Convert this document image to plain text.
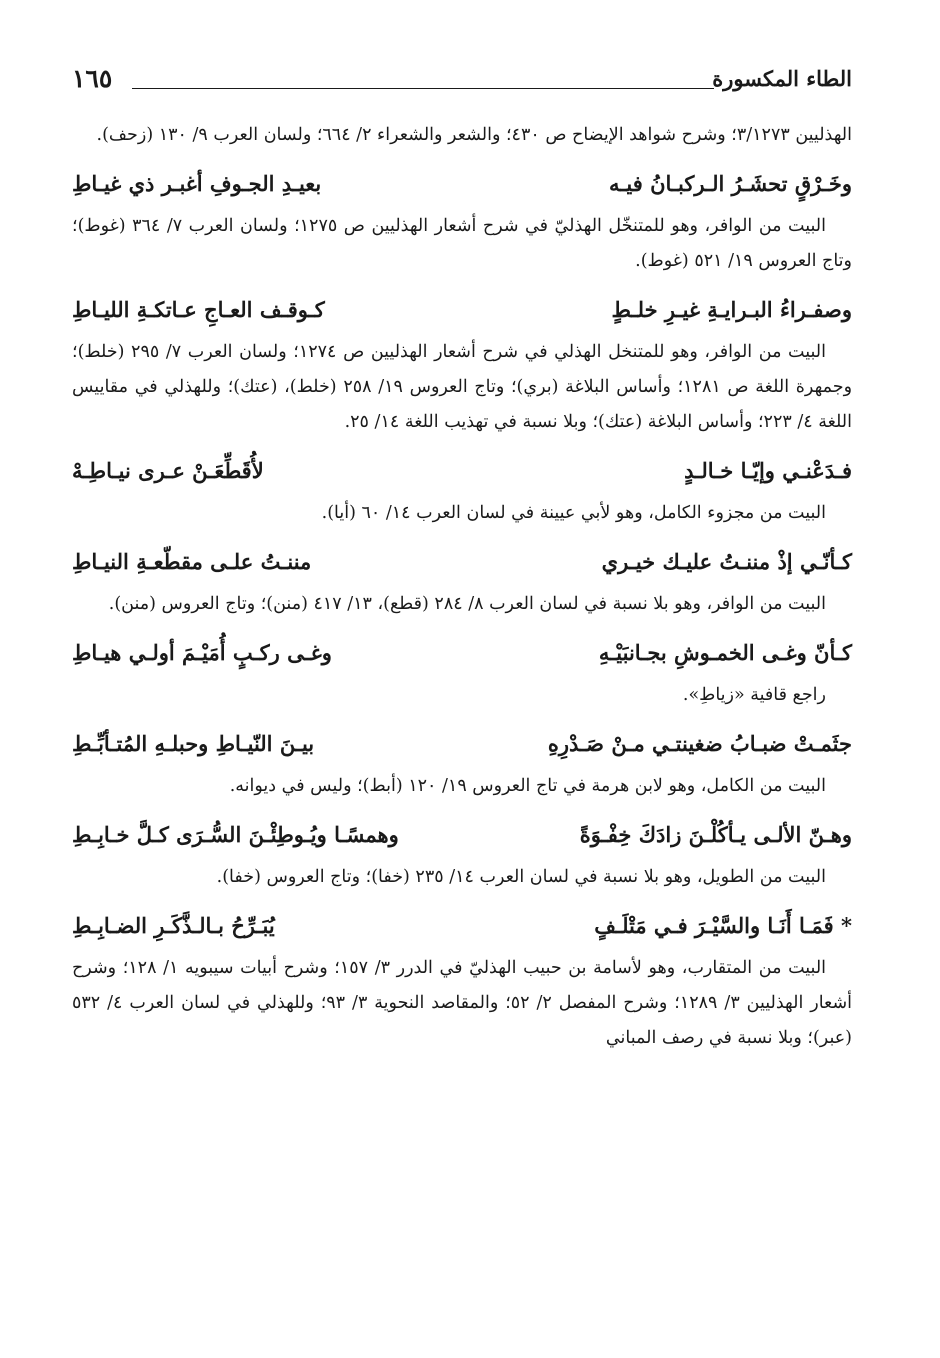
١٦٥	الطاء المكسورة

الهذليين ٣/١٢٧٣؛ وشرح شواهد الإيضاح ص ٤٣٠؛ والشعر والشعراء ٢/ ٦٦٤؛ ولسان العرب ٩/ ١٣٠ (زحف).

وخَـرْقٍ تحشَـرُ الـركبـانُ فيـه
بعيـدِ الجـوفِ أغبـر ذي غيـاطِ

البيت من الوافر، وهو للمتنخّل الهذليّ في شرح أشعار الهذليين ص ١٢٧٥؛ ولسان العرب ٧/ ٣٦٤ (غوط)؛ وتاج العروس ١٩/ ٥٢١ (غوط).

وصفـراءُ البـرايـةِ غيـرِ خلـطٍ
كـوقـف العـاجِ عـاتكـةِ الليـاطِ

البيت من الوافر، وهو للمتنخل الهذلي في شرح أشعار الهذليين ص ١٢٧٤؛ ولسان العرب ٧/ ٢٩٥ (خلط)؛ وجمهرة اللغة ص ١٢٨١؛ وأساس البلاغة (بري)؛ وتاج العروس ١٩/ ٢٥٨ (خلط)، (عتك)؛ وللهذلي في مقاييس اللغة ٤/ ٢٢٣؛ وأساس البلاغة (عتك)؛ وبلا نسبة في تهذيب اللغة ١٤/ ٢٥.

فـدَعْنـي وإيّـا خـالـدٍ
لأُقَطِّعَـنْ عـرى نيـاطِـهْ

البيت من مجزوء الكامل، وهو لأبي عيينة في لسان العرب ١٤/ ٦٠ (أيا).

كـأنّـي إذْ مننـتُ عليـك خيـري
مننـتُ علـى مقطّعـةِ النيـاطِ

البيت من الوافر، وهو بلا نسبة في لسان العرب ٨/ ٢٨٤ (قطع)، ١٣/ ٤١٧ (منن)؛ وتاج العروس (منن).

كـأنّ وغـى الخمـوشِ بجـانبَيْـهِ
وغـى ركـبٍ أُمَيْـمَ أولـي هيـاطِ

راجع قافية «زياطِ».

جثَمـتْ ضبـابُ ضغينتـي مـنْ صَـدْرِهِ
بيـنَ النّيـاطِ وحبلـهِ المُتـأبِّـطِ

البيت من الكامل، وهو لابن هرمة في تاج العروس ١٩/ ١٢٠ (أبط)؛ وليس في ديوانه.

وهـنّ الألـى يـأكُلْـنَ زادَكَ خِفْـوَةً
وهمسًـا ويُـوطِئْـنَ السُّـرَى كـلَّ خـابِـطِ

البيت من الطويل، وهو بلا نسبة في لسان العرب ١٤/ ٢٣٥ (خفا)؛ وتاج العروس (خفا).

* فَمَـا أَنَـا والسَّيْـرَ فـي مَتْلَـفٍ
يُبَـرِّحُ بـالـذَّكَـرِ الضـابِـطِ

البيت من المتقارب، وهو لأسامة بن حبيب الهذليّ في الدرر ٣/ ١٥٧؛ وشرح أبيات سيبويه ١/ ١٢٨؛ وشرح أشعار الهذليين ٣/ ١٢٨٩؛ وشرح المفصل ٢/ ٥٢؛ والمقاصد النحوية ٣/ ٩٣؛ وللهذلي في لسان العرب ٤/ ٥٣٢ (عبر)؛ وبلا نسبة في رصف المباني
